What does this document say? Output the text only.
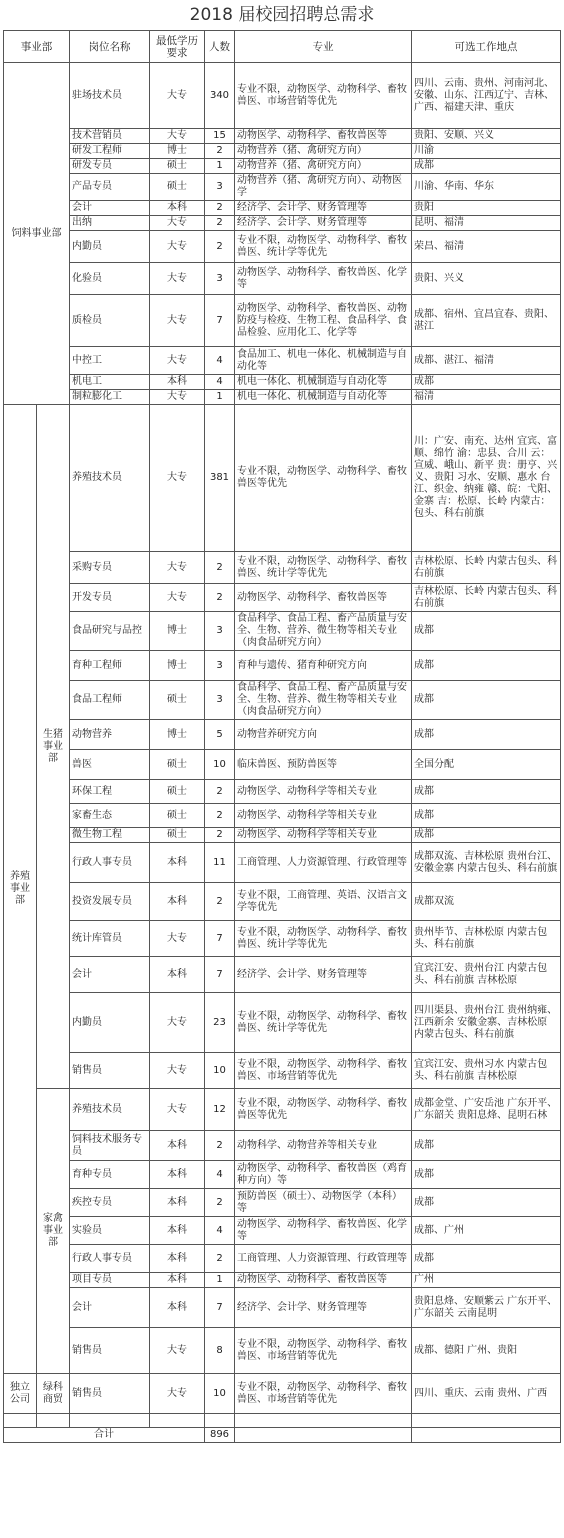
2018 届校园招聘总需求
事业部		岗位名称	最低学历要求	人数	专业	可选工作地点
饲料事业部		驻场技术员	大专	340	专业不限，动物医学、动物科学、畜牧兽医、市场营销等优先	四川、云南、贵州、河南河北、安徽、山东、江西辽宁、吉林、广西、福建天津、重庆
		技术营销员	大专	15	动物医学、动物科学、畜牧兽医等	贵阳、安顺、兴义
		研发工程师	博士	2	动物营养（猪、禽研究方向）	川渝
		研发专员	硕士	1	动物营养（猪、禽研究方向）	成都
		产品专员	硕士	3	动物营养（猪、禽研究方向）、动物医学	川渝、华南、华东
		会计	本科	2	经济学、会计学、财务管理等	贵阳
		出纳	大专	2	经济学、会计学、财务管理等	昆明、福清
		内勤员	大专	2	专业不限，动物医学、动物科学、畜牧兽医、统计学等优先	荣昌、福清
		化验员	大专	3	动物医学、动物科学、畜牧兽医、化学等	贵阳、兴义
		质检员	大专	7	动物医学、动物科学、畜牧兽医、动物防疫与检疫、生物工程、食品科学、食品检验、应用化工、化学等	成都、宿州、宜昌宜春、贵阳、湛江
		中控工	大专	4	食品加工、机电一体化、机械制造与自动化等	成都、湛江、福清
		机电工	本科	4	机电一体化、机械制造与自动化等	成都
		制粒膨化工	大专	1	机电一体化、机械制造与自动化等	福清
养殖事业部	生猪事业部	养殖技术员	大专	381	专业不限，动物医学、动物科学、畜牧兽医等优先	川：广安、南充、达州 宜宾、富顺、绵竹 渝：忠县、合川 云：宣威、峨山、新平 贵：册亨、兴义、贵阳 习水、安顺、惠水 台江、织金、纳雍 赣、皖：弋阳、金寨 吉：松原、长岭 内蒙古：包头、科右前旗
		采购专员	大专	2	专业不限，动物医学、动物科学、畜牧兽医、统计学等优先	吉林松原、长岭 内蒙古包头、科右前旗
		开发专员	大专	2	动物医学、动物科学、畜牧兽医等	吉林松原、长岭 内蒙古包头、科右前旗
		食品研究与品控	博士	3	食品科学、食品工程、畜产品质量与安全、生物、营养、微生物等相关专业（肉食品研究方向）	成都
		育种工程师	博士	3	育种与遗传、猪育种研究方向	成都
		食品工程师	硕士	3	食品科学、食品工程、畜产品质量与安全、生物、营养、微生物等相关专业（肉食品研究方向）	成都
		动物营养	博士	5	动物营养研究方向	成都
		兽医	硕士	10	临床兽医、预防兽医等	全国分配
		环保工程	硕士	2	动物医学、动物科学等相关专业	成都
		家畜生态	硕士	2	动物医学、动物科学等相关专业	成都
		微生物工程	硕士	2	动物医学、动物科学等相关专业	成都
		行政人事专员	本科	11	工商管理、人力资源管理、行政管理等	成都双流、吉林松原 贵州台江、安徽金寨 内蒙古包头、科右前旗
		投资发展专员	本科	2	专业不限，工商管理、英语、汉语言文学等优先	成都双流
		统计库管员	大专	7	专业不限，动物医学、动物科学、畜牧兽医、统计学等优先	贵州毕节、吉林松原 内蒙古包头、科右前旗
		会计	本科	7	经济学、会计学、财务管理等	宜宾江安、贵州台江 内蒙古包头、科右前旗 吉林松原
		内勤员	大专	23	专业不限，动物医学、动物科学、畜牧兽医、统计学等优先	四川渠县、贵州台江 贵州纳雍、江西新余 安徽金寨、吉林松原 内蒙古包头、科右前旗
		销售员	大专	10	专业不限，动物医学、动物科学、畜牧兽医、市场营销等优先	宜宾江安、贵州习水 内蒙古包头、科右前旗 吉林松原
	家禽事业部	养殖技术员	大专	12	专业不限，动物医学、动物科学、畜牧兽医等优先	成都金堂、广安岳池 广东开平、广东韶关 贵阳息烽、昆明石林
		饲料技术服务专员	本科	2	动物科学、动物营养等相关专业	成都
		育种专员	本科	4	动物医学、动物科学、畜牧兽医（鸡育种方向）等	成都
		疾控专员	本科	2	预防兽医（硕士）、动物医学（本科）等	成都
		实验员	本科	4	动物医学、动物科学、畜牧兽医、化学等	成都、广州
		行政人事专员	本科	2	工商管理、人力资源管理、行政管理等	成都
		项目专员	本科	1	动物医学、动物科学、畜牧兽医等	广州
		会计	本科	7	经济学、会计学、财务管理等	贵阳息烽、安顺紫云 广东开平、广东韶关 云南昆明
		销售员	大专	8	专业不限，动物医学、动物科学、畜牧兽医、市场营销等优先	成都、德阳 广州、贵阳
独立公司	绿科商贸	销售员	大专	10	专业不限，动物医学、动物科学、畜牧兽医、市场营销等优先	四川、重庆、云南 贵州、广西

合计				896		
